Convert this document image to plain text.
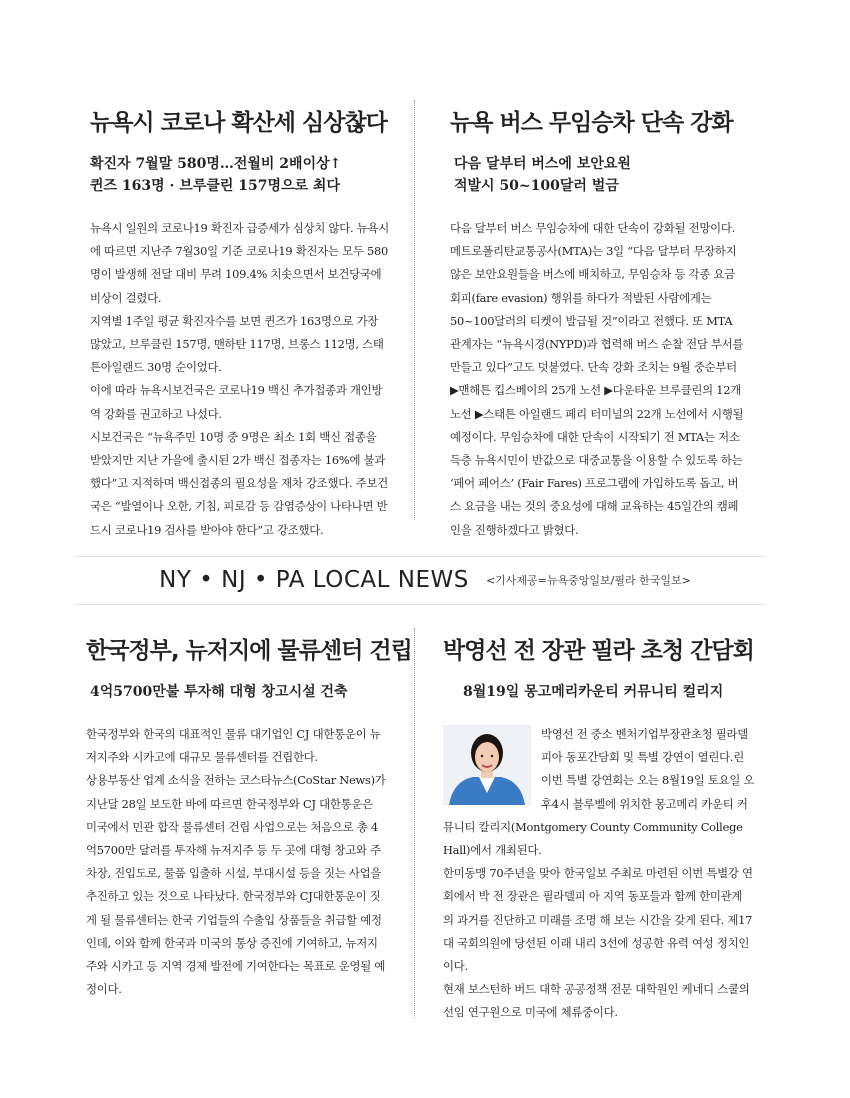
뉴욕시 코로나 확산세 심상찮다
확진자 7월말 580명…전월비 2배이상↑
퀸즈 163명 · 브루클린 157명으로 최다

뉴욕시 일원의 코로나19 확진자 급증세가 심상치 않다. 뉴욕시에 따르면 지난주 7월30일 기준 코로나19 확진자는 모두 580명이 발생해 전달 대비 무려 109.4% 치솟으면서 보건당국에 비상이 걸렸다.

지역별 1주일 평균 확진자수를 보면 퀸즈가 163명으로 가장 많았고, 브루클린 157명, 맨하탄 117명, 브롱스 112명, 스태튼아일랜드 30명 순이었다.

이에 따라 뉴욕시보건국은 코로나19 백신 추가접종과 개인방역 강화를 권고하고 나섰다.

시보건국은 “뉴욕주민 10명 중 9명은 최소 1회 백신 접종을 받았지만 지난 가을에 출시된 2가 백신 접종자는 16%에 불과했다”고 지적하며 백신접종의 필요성을 재차 강조했다. 주보건국은 “발열이나 오한, 기침, 피로감 등 감염증상이 나타나면 반드시 코로나19 검사를 받아야 한다”고 강조했다.

뉴욕 버스 무임승차 단속 강화
다음 달부터 버스에 보안요원
적발시 50~100달러 벌금

다음 달부터 버스 무임승차에 대한 단속이 강화될 전망이다. 메트로폴리탄교통공사(MTA)는 3일 “다음 달부터 무장하지 않은 보안요원들을 버스에 배치하고, 무임승차 등 각종 요금 회피(fare evasion) 행위를 하다가 적발된 사람에게는 50~100달러의 티켓이 발급될 것”이라고 전했다. 또 MTA 관계자는 “뉴욕시경(NYPD)과 협력해 버스 순찰 전담 부서를 만들고 있다”고도 덧붙였다. 단속 강화 조치는 9월 중순부터 ▶맨해튼 킵스베이의 25개 노선 ▶다운타운 브루클린의 12개 노선 ▶스태튼 아일랜드 페리 터미널의 22개 노선에서 시행될 예정이다. 무임승차에 대한 단속이 시작되기 전 MTA는 저소득층 뉴욕시민이 반값으로 대중교통을 이용할 수 있도록 하는 ‘페어 페어스’ (Fair Fares) 프로그램에 가입하도록 돕고, 버스 요금을 내는 것의 중요성에 대해 교육하는 45일간의 캠페인을 진행하겠다고 밝혔다.

NY • NJ • PA LOCAL NEWS <기사제공=뉴욕중앙일보/필라 한국일보>
한국정부, 뉴저지에 물류센터 건립
4억5700만불 투자해 대형 창고시설 건축

한국정부와 한국의 대표적인 물류 대기업인 CJ 대한통운이 뉴저지주와 시카고에 대규모 물류센터를 건립한다.

상용부동산 업계 소식을 전하는 코스타뉴스(CoStar News)가 지난달 28일 보도한 바에 따르면 한국정부와 CJ 대한통운은 미국에서 민관 합작 물류센터 건립 사업으로는 처음으로 총 4억5700만 달러를 투자해 뉴저지주 등 두 곳에 대형 창고와 주차장, 진입도로, 물품 입출하 시설, 부대시설 등을 짓는 사업을 추진하고 있는 것으로 나타났다. 한국정부와 CJ대한통운이 짓게 될 물류센터는 한국 기업들의 수출입 상품들을 취급할 예정인데, 이와 함께 한국과 미국의 통상 증진에 기여하고, 뉴저지주와 시카고 등 지역 경제 발전에 기여한다는 목표로 운영될 예정이다.

박영선 전 장관 필라 초청 간담회
8월19일 몽고메리카운티 커뮤니티 컬리지

박영선 전 중소 벤처기업부장관초청 필라델피아 동포간담회 및 특별 강연이 열린다.린 이번 특별 강연회는 오는 8월19일 토요일 오후4시 블루벨에 위치한 몽고메리 카운티 커뮤니티 칼리지(Montgomery County Community College Hall)에서 개최된다.

한미동맹 70주년을 맞아 한국일보 주최로 마련된 이번 특별강 연회에서 박 전 장관은 필라델피 아 지역 동포들과 함께 한미관계 의 과거를 진단하고 미래를 조명 해 보는 시간을 갖게 된다. 제17대 국회의원에 당선된 이래 내리 3선에 성공한 유력 여성 정치인이다.

현재 보스턴하 버드 대학 공공정책 전문 대학원인 케네디 스쿨의 선임 연구원으로 미국에 체류중이다.
